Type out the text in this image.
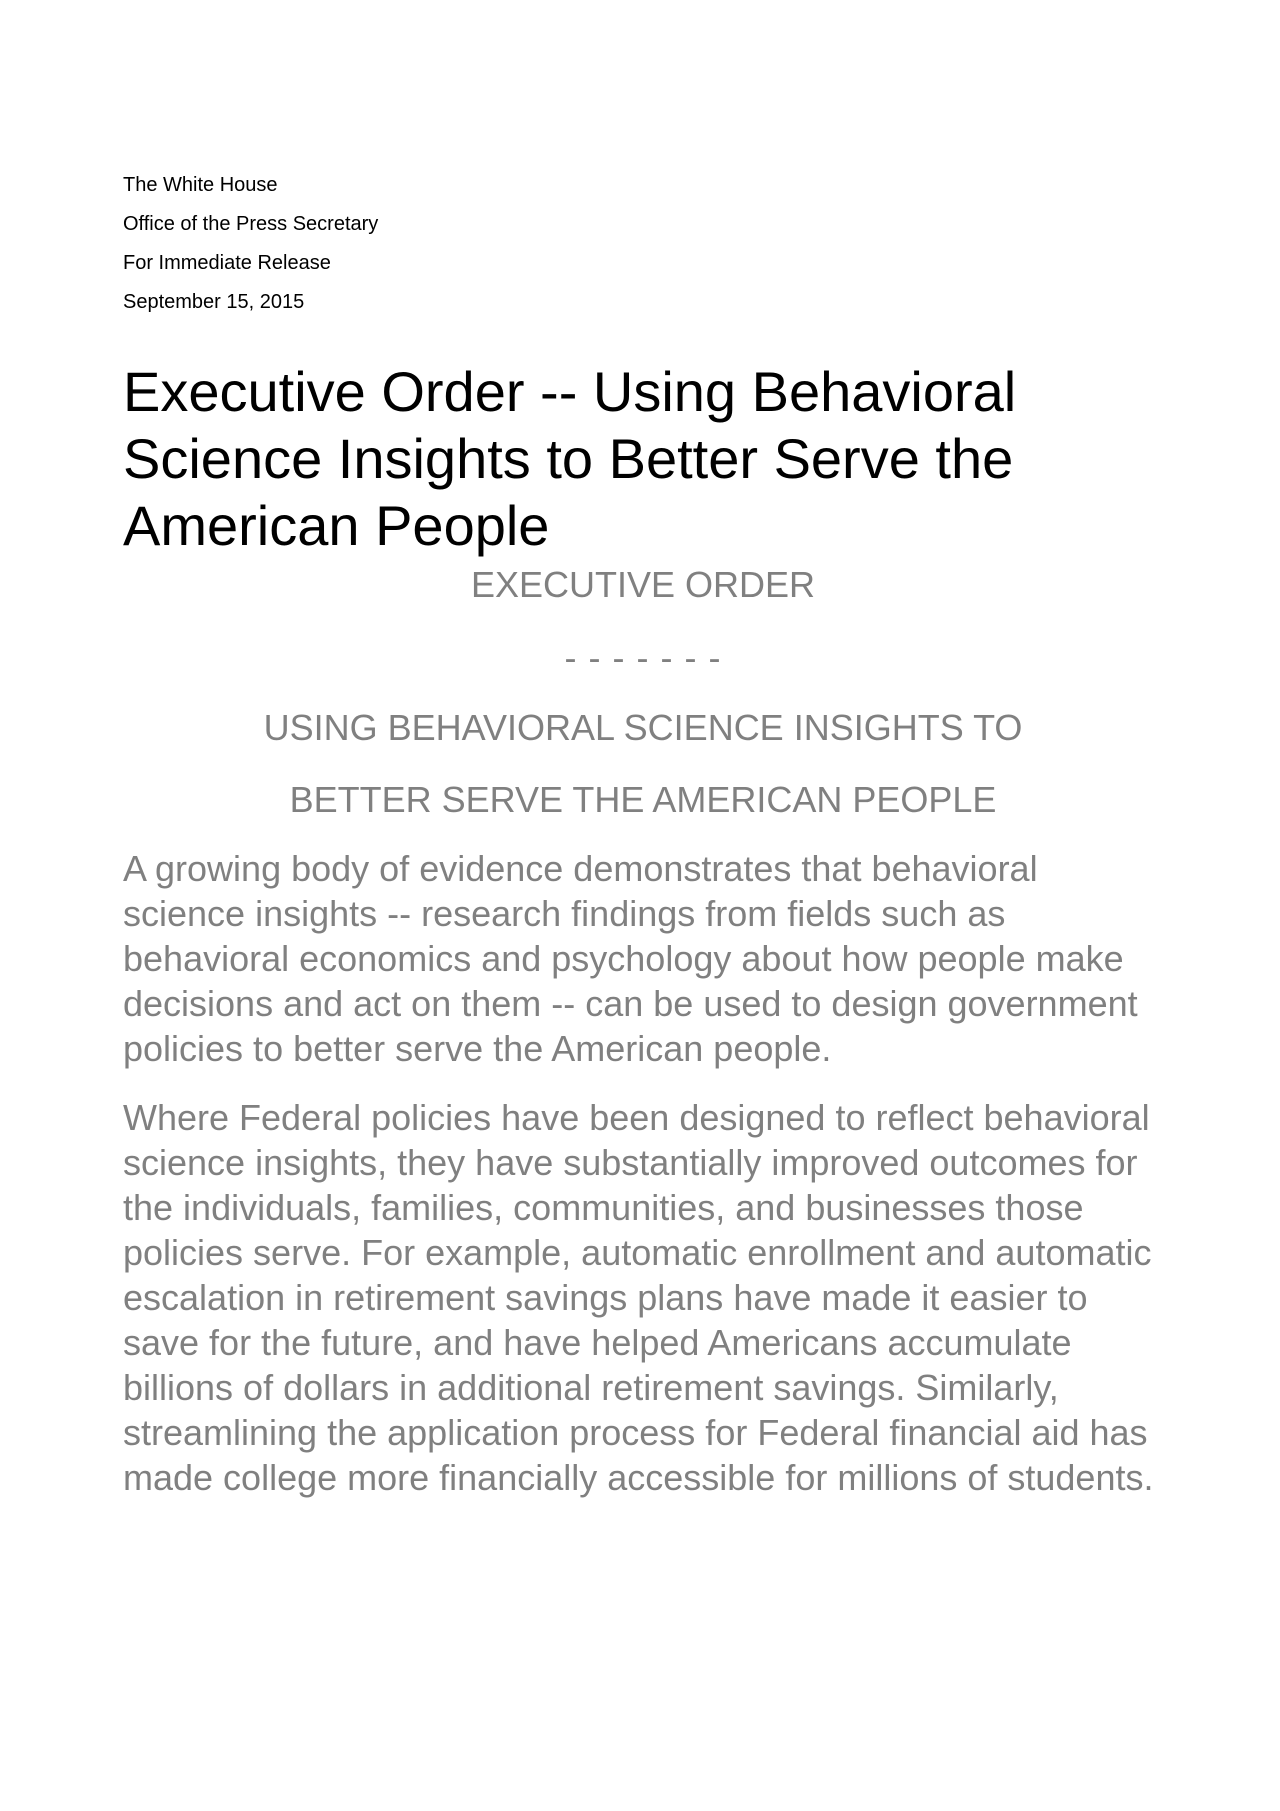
The White House
Office of the Press Secretary
For Immediate Release
September 15, 2015
Executive Order -- Using Behavioral Science Insights to Better Serve the American People
EXECUTIVE ORDER
- - - - - - -
USING BEHAVIORAL SCIENCE INSIGHTS TO
BETTER SERVE THE AMERICAN PEOPLE

A growing body of evidence demonstrates that behavioral science insights -- research findings from fields such as behavioral economics and psychology about how people make decisions and act on them -- can be used to design government policies to better serve the American people.

Where Federal policies have been designed to reflect behavioral science insights, they have substantially improved outcomes for the individuals, families, communities, and businesses those policies serve. For example, automatic enrollment and automatic escalation in retirement savings plans have made it easier to save for the future, and have helped Americans accumulate billions of dollars in additional retirement savings. Similarly, streamlining the application process for Federal financial aid has made college more financially accessible for millions of students.
